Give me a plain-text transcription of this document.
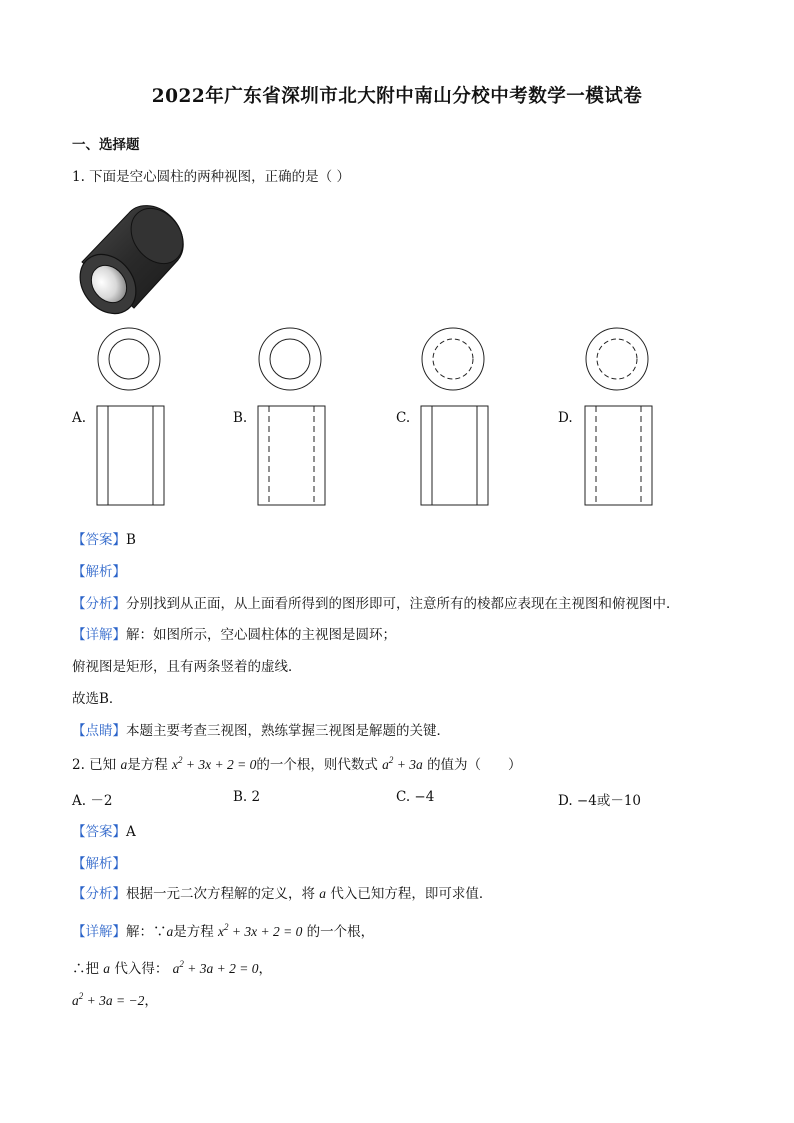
2022年广东省深圳市北大附中南山分校中考数学一模试卷
一、选择题
1. 下面是空心圆柱的两种视图，正确的是（ ）
A.	B.	C.	D.
【答案】B
【解析】
【分析】分别找到从正面，从上面看所得到的图形即可，注意所有的棱都应表现在主视图和俯视图中．
【详解】解：如图所示，空心圆柱体的主视图是圆环；
俯视图是矩形，且有两条竖着的虚线．
故选B．
【点睛】本题主要考查三视图，熟练掌握三视图是解题的关键．
2. 已知 a是方程 $x^2 + 3x + 2 = 0$的一个根，则代数式 $a^2 + 3a$ 的值为（　　）
A. －2	B. 2	C. −4	D. −4或－10
【答案】A
【解析】
【分析】根据一元二次方程解的定义，将 a 代入已知方程，即可求值．
【详解】解：∵a是方程 $x^2 + 3x + 2 = 0$ 的一个根，
∴把 a 代入得： $a^2 + 3a + 2 = 0$，
$a^2 + 3a = -2$，
